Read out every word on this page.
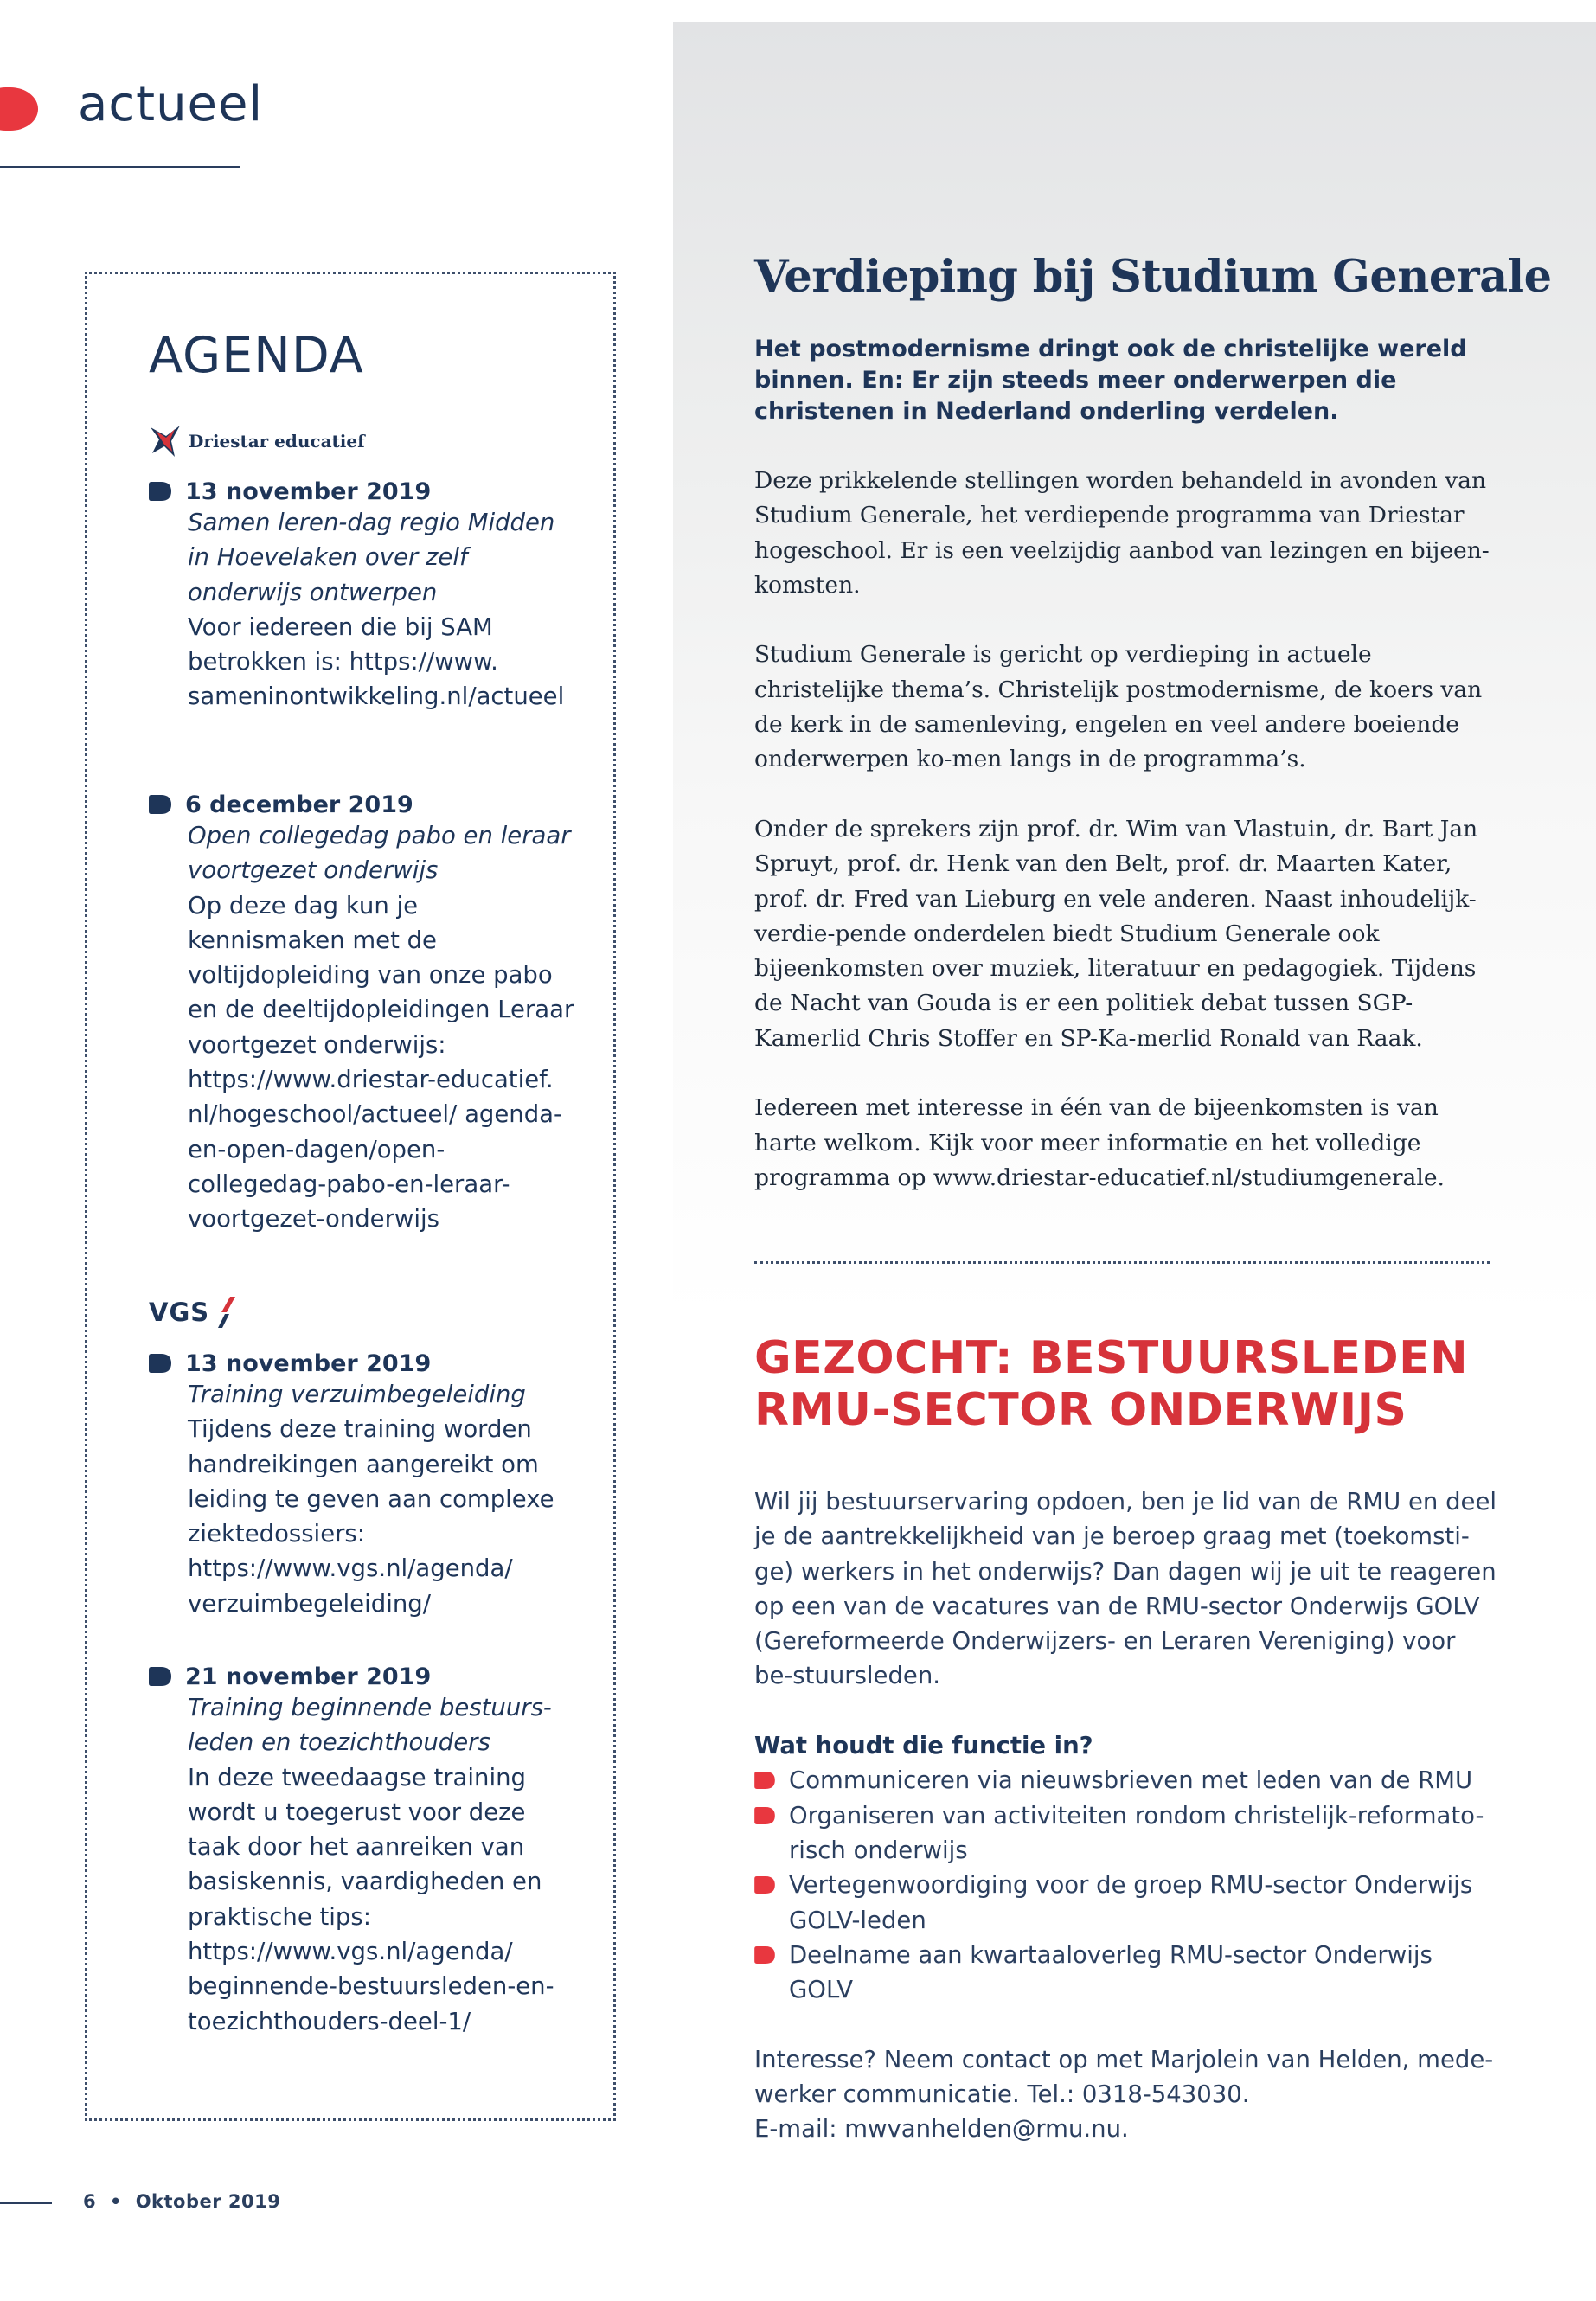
actueel
AGENDA
Driestar educatief
13 november 2019
Samen leren-dag regio Midden in Hoevelaken over zelf onderwijs ontwerpen
Voor iedereen die bij SAM betrokken is: https://www. sameninontwikkeling.nl/actueel
6 december 2019
Open collegedag pabo en leraar voortgezet onderwijs
Op deze dag kun je kennismaken met de voltijdopleiding van onze pabo en de deeltijdopleidingen Leraar voortgezet onderwijs: https://www.driestar-educatief. nl/hogeschool/actueel/ agenda-en-open-dagen/open- collegedag-pabo-en-leraar- voortgezet-onderwijs
VGS
13 november 2019
Training verzuimbegeleiding
Tijdens deze training worden handreikingen aangereikt om leiding te geven aan complexe ziektedossiers: https://www.vgs.nl/agenda/ verzuimbegeleiding/
21 november 2019
Training beginnende bestuurs- leden en toezichthouders
In deze tweedaagse training wordt u toegerust voor deze taak door het aanreiken van basiskennis, vaardigheden en praktische tips: https://www.vgs.nl/agenda/ beginnende-bestuursleden-en- toezichthouders-deel-1/
Verdieping bij Studium Generale
Het postmodernisme dringt ook de christelijke wereld binnen. En: Er zijn steeds meer onderwerpen die christenen in Nederland onderling verdelen.

Deze prikkelende stellingen worden behandeld in avonden van Studium Generale, het verdiepende programma van Driestar hogeschool. Er is een veelzijdig aanbod van lezingen en bijeen-komsten.

Studium Generale is gericht op verdieping in actuele christelijke thema’s. Christelijk postmodernisme, de koers van de kerk in de samenleving, engelen en veel andere boeiende onderwerpen ko-men langs in de programma’s.

Onder de sprekers zijn prof. dr. Wim van Vlastuin, dr. Bart Jan Spruyt, prof. dr. Henk van den Belt, prof. dr. Maarten Kater, prof. dr. Fred van Lieburg en vele anderen. Naast inhoudelijk-verdie-pende onderdelen biedt Studium Generale ook bijeenkomsten over muziek, literatuur en pedagogiek. Tijdens de Nacht van Gouda is er een politiek debat tussen SGP-Kamerlid Chris Stoffer en SP-Ka-merlid Ronald van Raak.

Iedereen met interesse in één van de bijeenkomsten is van harte welkom. Kijk voor meer informatie en het volledige programma op www.driestar-educatief.nl/studiumgenerale.

GEZOCHT: BESTUURSLEDEN
RMU-SECTOR ONDERWIJS

Wil jij bestuurservaring opdoen, ben je lid van de RMU en deel je de aantrekkelijkheid van je beroep graag met (toekomsti-ge) werkers in het onderwijs? Dan dagen wij je uit te reageren op een van de vacatures van de RMU-sector Onderwijs GOLV (Gereformeerde Onderwijzers- en Leraren Vereniging) voor be-stuursleden.

Wat houdt die functie in?

Communiceren via nieuwsbrieven met leden van de RMU
Organiseren van activiteiten rondom christelijk-reformato-risch onderwijs
Vertegenwoordiging voor de groep RMU-sector Onderwijs GOLV-leden
Deelname aan kwartaaloverleg RMU-sector Onderwijs GOLV

Interesse? Neem contact op met Marjolein van Helden, mede-werker communicatie. Tel.: 0318-543030.

E-mail: mwvanhelden@rmu.nu.

6 • Oktober 2019
